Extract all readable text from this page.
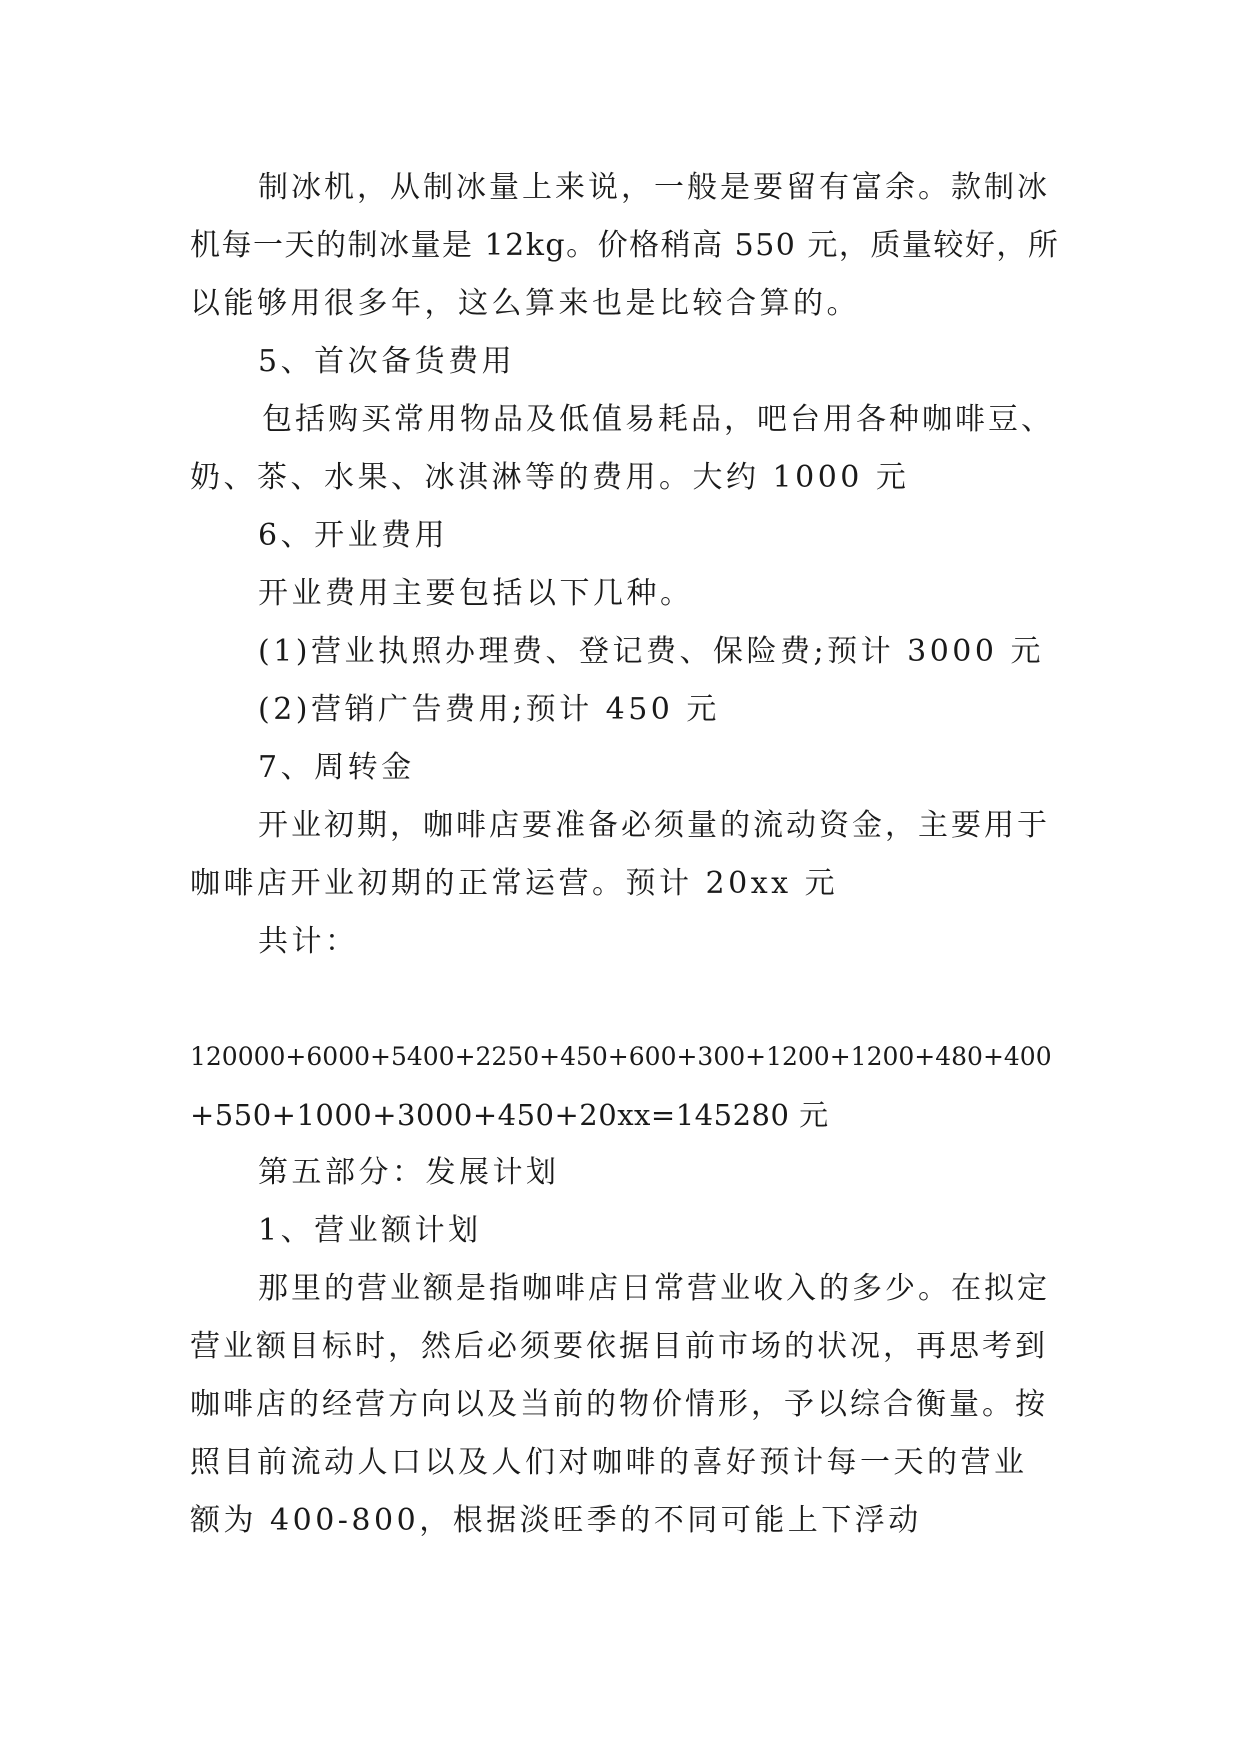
制冰机，从制冰量上来说，一般是要留有富余。款制冰
机每一天的制冰量是 12kg。价格稍高 550 元，质量较好，所
以能够用很多年，这么算来也是比较合算的。
5、首次备货费用
包括购买常用物品及低值易耗品，吧台用各种咖啡豆、
奶、茶、水果、冰淇淋等的费用。大约 1000 元
6、开业费用
开业费用主要包括以下几种。
(1)营业执照办理费、登记费、保险费;预计 3000 元
(2)营销广告费用;预计 450 元
7、周转金
开业初期，咖啡店要准备必须量的流动资金，主要用于
咖啡店开业初期的正常运营。预计 20xx 元
共计：
120000+6000+5400+2250+450+600+300+1200+1200+480+400
+550+1000+3000+450+20xx=145280 元
第五部分：发展计划
1、营业额计划
那里的营业额是指咖啡店日常营业收入的多少。在拟定
营业额目标时，然后必须要依据目前市场的状况，再思考到
咖啡店的经营方向以及当前的物价情形，予以综合衡量。按
照目前流动人口以及人们对咖啡的喜好预计每一天的营业
额为 400-800，根据淡旺季的不同可能上下浮动
